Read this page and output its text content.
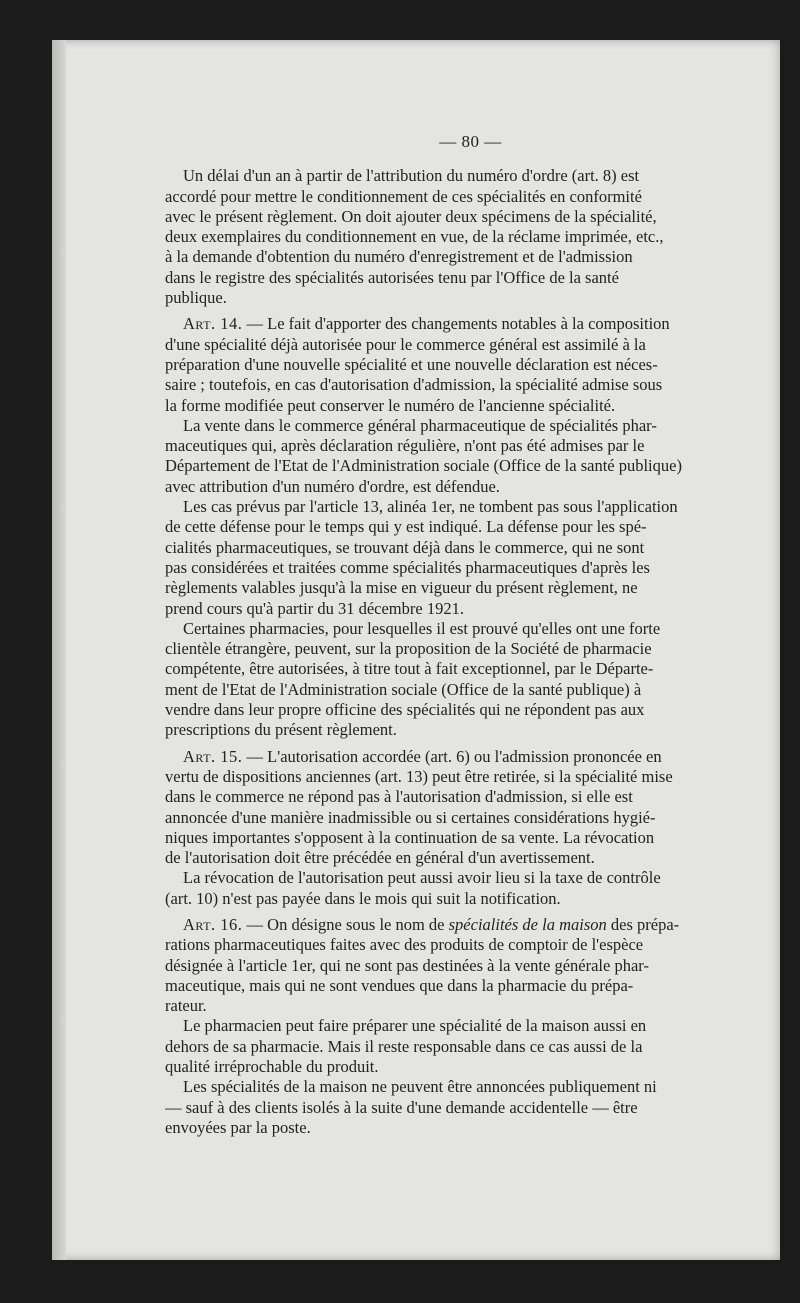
— 80 —

Un délai d'un an à partir de l'attribution du numéro d'ordre (art. 8) est
accordé pour mettre le conditionnement de ces spécialités en conformité
avec le présent règlement. On doit ajouter deux spécimens de la spécialité,
deux exemplaires du conditionnement en vue, de la réclame imprimée, etc.,
à la demande d'obtention du numéro d'enregistrement et de l'admission
dans le registre des spécialités autorisées tenu par l'Office de la santé
publique.

Art. 14. — Le fait d'apporter des changements notables à la composition
d'une spécialité déjà autorisée pour le commerce général est assimilé à la
préparation d'une nouvelle spécialité et une nouvelle déclaration est néces-
saire ; toutefois, en cas d'autorisation d'admission, la spécialité admise sous
la forme modifiée peut conserver le numéro de l'ancienne spécialité.

La vente dans le commerce général pharmaceutique de spécialités phar-
maceutiques qui, après déclaration régulière, n'ont pas été admises par le
Département de l'Etat de l'Administration sociale (Office de la santé publique)
avec attribution d'un numéro d'ordre, est défendue.

Les cas prévus par l'article 13, alinéa 1er, ne tombent pas sous l'application
de cette défense pour le temps qui y est indiqué. La défense pour les spé-
cialités pharmaceutiques, se trouvant déjà dans le commerce, qui ne sont
pas considérées et traitées comme spécialités pharmaceutiques d'après les
règlements valables jusqu'à la mise en vigueur du présent règlement, ne
prend cours qu'à partir du 31 décembre 1921.

Certaines pharmacies, pour lesquelles il est prouvé qu'elles ont une forte
clientèle étrangère, peuvent, sur la proposition de la Société de pharmacie
compétente, être autorisées, à titre tout à fait exceptionnel, par le Départe-
ment de l'Etat de l'Administration sociale (Office de la santé publique) à
vendre dans leur propre officine des spécialités qui ne répondent pas aux
prescriptions du présent règlement.

Art. 15. — L'autorisation accordée (art. 6) ou l'admission prononcée en
vertu de dispositions anciennes (art. 13) peut être retirée, si la spécialité mise
dans le commerce ne répond pas à l'autorisation d'admission, si elle est
annoncée d'une manière inadmissible ou si certaines considérations hygié-
niques importantes s'opposent à la continuation de sa vente. La révocation
de l'autorisation doit être précédée en général d'un avertissement.

La révocation de l'autorisation peut aussi avoir lieu si la taxe de contrôle
(art. 10) n'est pas payée dans le mois qui suit la notification.

Art. 16. — On désigne sous le nom de spécialités de la maison des prépa-
rations pharmaceutiques faites avec des produits de comptoir de l'espèce
désignée à l'article 1er, qui ne sont pas destinées à la vente générale phar-
maceutique, mais qui ne sont vendues que dans la pharmacie du prépa-
rateur.

Le pharmacien peut faire préparer une spécialité de la maison aussi en
dehors de sa pharmacie. Mais il reste responsable dans ce cas aussi de la
qualité irréprochable du produit.

Les spécialités de la maison ne peuvent être annoncées publiquement ni
— sauf à des clients isolés à la suite d'une demande accidentelle — être
envoyées par la poste.
